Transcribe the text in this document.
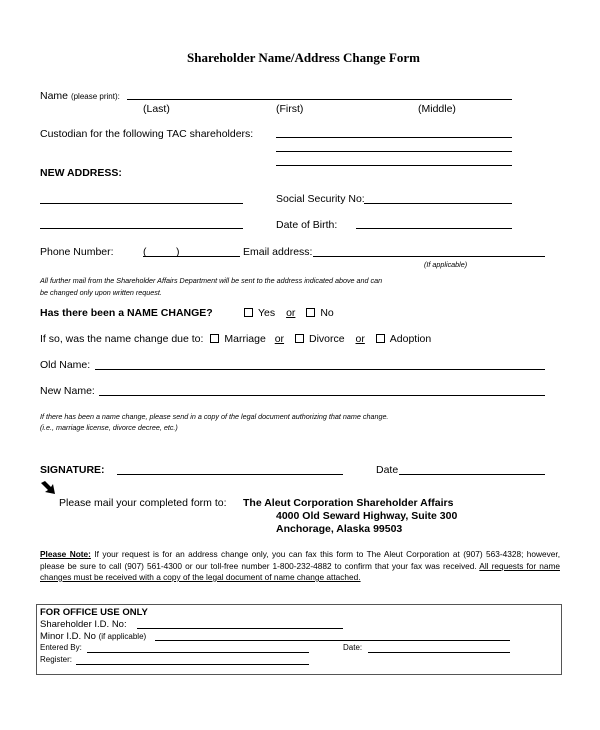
Shareholder Name/Address Change Form
Name (please print):
(Last)	(First)	(Middle)
Custodian for the following TAC shareholders:
NEW ADDRESS:
Social Security No:
Date of Birth:
Phone Number:	(	)	Email address:
(If applicable)
All further mail from the Shareholder Affairs Department will be sent to the address indicated above and can
be changed only upon written request.
Has there been a NAME CHANGE?	Yes or No
If so, was the name change due to: Marriage or Divorce or Adoption
Old Name:
New Name:
If there has been a name change, please send in a copy of the legal document authorizing that name change.
(i.e., marriage license, divorce decree, etc.)
SIGNATURE:	Date
Please mail your completed form to: The Aleut Corporation Shareholder Affairs
4000 Old Seward Highway, Suite 300
Anchorage, Alaska 99503
Please Note: If your request is for an address change only, you can fax this form to The Aleut Corporation at (907) 563-4328; however, please be sure to call (907) 561-4300 or our toll-free number 1-800-232-4882 to confirm that your fax was received. All requests for name changes must be received with a copy of the legal document of name change attached.
FOR OFFICE USE ONLY
Shareholder I.D. No:
Minor I.D. No (if applicable)
Entered By:	Date:
Register:
